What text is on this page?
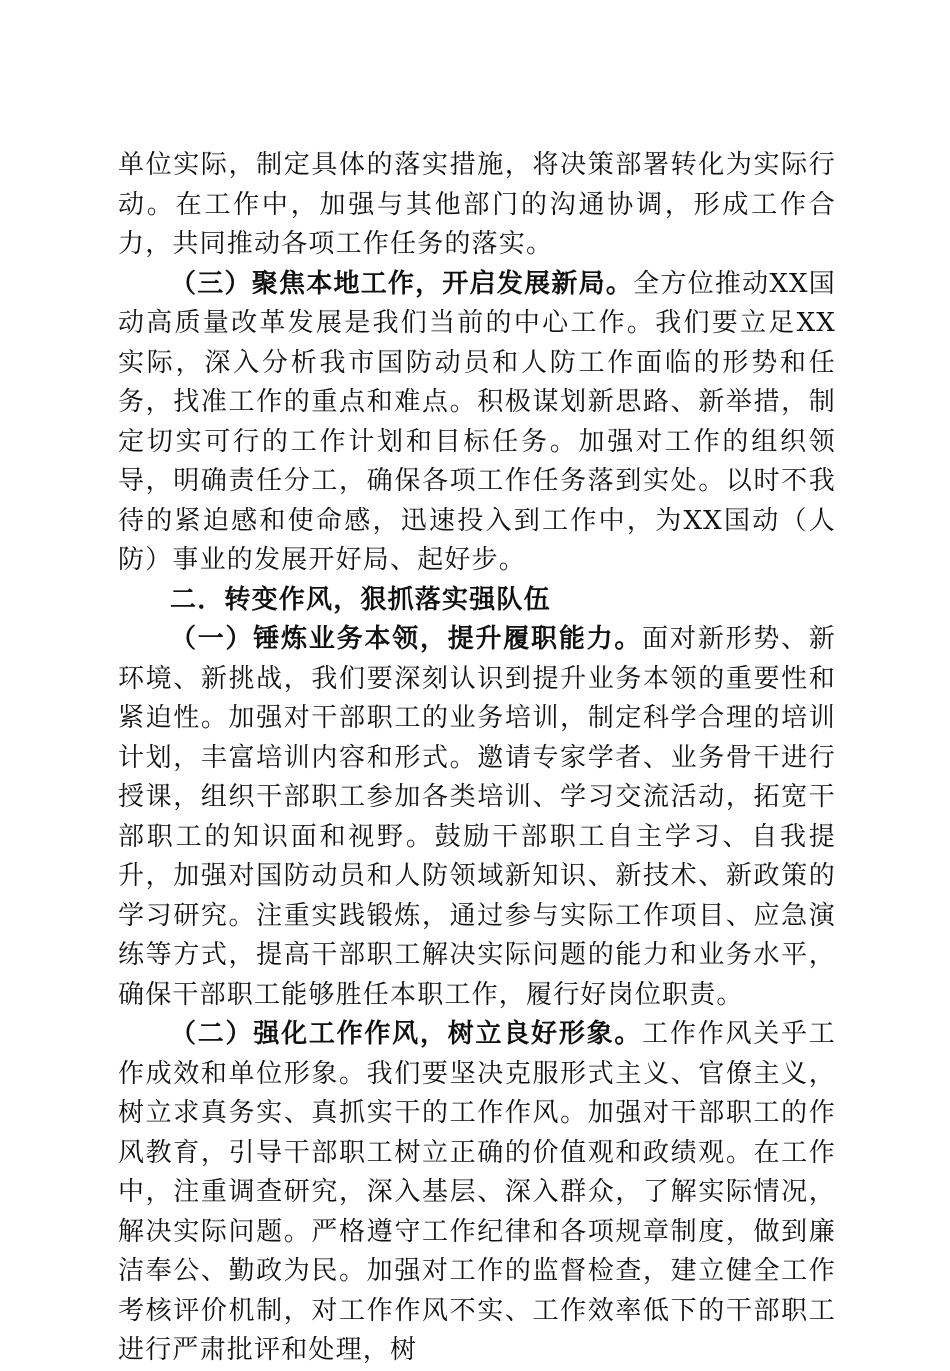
单位实际，制定具体的落实措施，将决策部署转化为实际行动。在工作中，加强与其他部门的沟通协调，形成工作合力，共同推动各项工作任务的落实。

（三）聚焦本地工作，开启发展新局。全方位推动XX国动高质量改革发展是我们当前的中心工作。我们要立足XX实际，深入分析我市国防动员和人防工作面临的形势和任务，找准工作的重点和难点。积极谋划新思路、新举措，制定切实可行的工作计划和目标任务。加强对工作的组织领导，明确责任分工，确保各项工作任务落到实处。以时不我待的紧迫感和使命感，迅速投入到工作中，为XX国动（人防）事业的发展开好局、起好步。

二．转变作风，狠抓落实强队伍

（一）锤炼业务本领，提升履职能力。面对新形势、新环境、新挑战，我们要深刻认识到提升业务本领的重要性和紧迫性。加强对干部职工的业务培训，制定科学合理的培训计划，丰富培训内容和形式。邀请专家学者、业务骨干进行授课，组织干部职工参加各类培训、学习交流活动，拓宽干部职工的知识面和视野。鼓励干部职工自主学习、自我提升，加强对国防动员和人防领域新知识、新技术、新政策的学习研究。注重实践锻炼，通过参与实际工作项目、应急演练等方式，提高干部职工解决实际问题的能力和业务水平，确保干部职工能够胜任本职工作，履行好岗位职责。

（二）强化工作作风，树立良好形象。工作作风关乎工作成效和单位形象。我们要坚决克服形式主义、官僚主义，树立求真务实、真抓实干的工作作风。加强对干部职工的作风教育，引导干部职工树立正确的价值观和政绩观。在工作中，注重调查研究，深入基层、深入群众，了解实际情况，解决实际问题。严格遵守工作纪律和各项规章制度，做到廉洁奉公、勤政为民。加强对工作的监督检查，建立健全工作考核评价机制，对工作作风不实、工作效率低下的干部职工进行严肃批评和处理，树
